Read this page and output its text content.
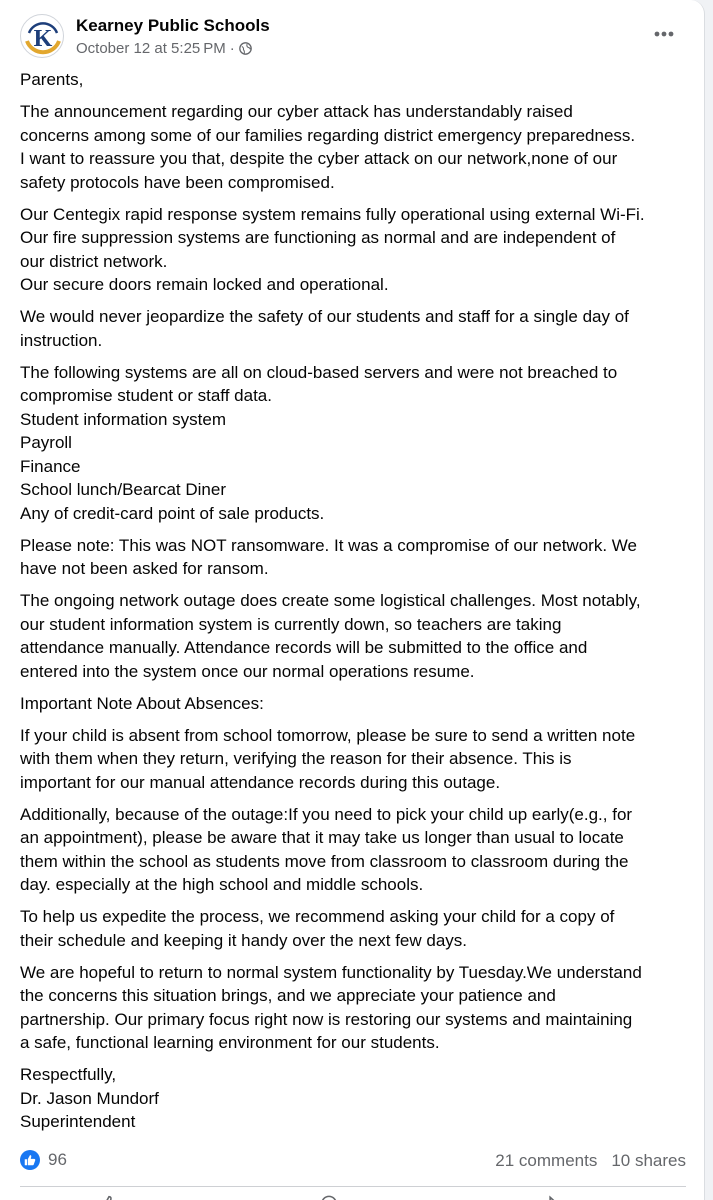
K
Kearney Public Schools
October 12 at 5:25 PM ·

Parents,

The announcement regarding our cyber attack has understandably raised
concerns among some of our families regarding district emergency preparedness.
I want to reassure you that, despite the cyber attack on our network,none of our
safety protocols have been compromised.

Our Centegix rapid response system remains fully operational using external Wi-Fi.
Our fire suppression systems are functioning as normal and are independent of
our district network.
Our secure doors remain locked and operational.

We would never jeopardize the safety of our students and staff for a single day of
instruction.

The following systems are all on cloud-based servers and were not breached to
compromise student or staff data.
Student information system
Payroll
Finance
School lunch/Bearcat Diner
Any of credit-card point of sale products.

Please note: This was NOT ransomware. It was a compromise of our network. We
have not been asked for ransom.

The ongoing network outage does create some logistical challenges. Most notably,
our student information system is currently down, so teachers are taking
attendance manually. Attendance records will be submitted to the office and
entered into the system once our normal operations resume.

Important Note About Absences:

If your child is absent from school tomorrow, please be sure to send a written note
with them when they return, verifying the reason for their absence. This is
important for our manual attendance records during this outage.

Additionally, because of the outage:If you need to pick your child up early(e.g., for
an appointment), please be aware that it may take us longer than usual to locate
them within the school as students move from classroom to classroom during the
day. especially at the high school and middle schools.

To help us expedite the process, we recommend asking your child for a copy of
their schedule and keeping it handy over the next few days.

We are hopeful to return to normal system functionality by Tuesday.We understand
the concerns this situation brings, and we appreciate your patience and
partnership. Our primary focus right now is restoring our systems and maintaining
a safe, functional learning environment for our students.

Respectfully,
Dr. Jason Mundorf
Superintendent

96	21 comments 10 shares
